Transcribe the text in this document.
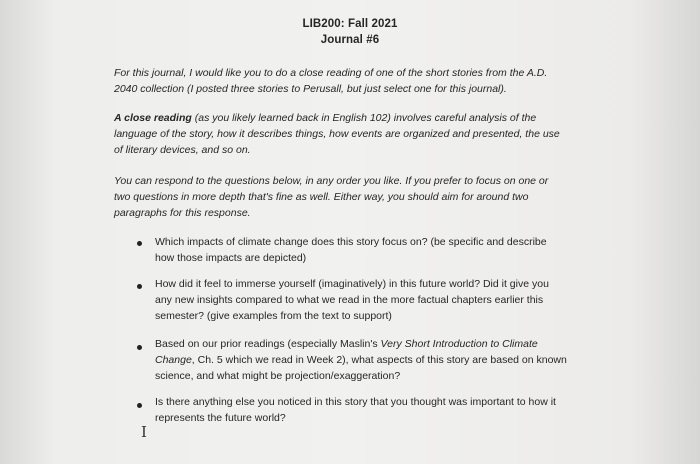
LIB200: Fall 2021
Journal #6
For this journal, I would like you to do a close reading of one of the short stories from the A.D.
2040 collection (I posted three stories to Perusall, but just select one for this journal).
A close reading (as you likely learned back in English 102) involves careful analysis of the
language of the story, how it describes things, how events are organized and presented, the use
of literary devices, and so on.
You can respond to the questions below, in any order you like. If you prefer to focus on one or
two questions in more depth that's fine as well. Either way, you should aim for around two
paragraphs for this response.
Which impacts of climate change does this story focus on? (be specific and describe
how those impacts are depicted)
How did it feel to immerse yourself (imaginatively) in this future world? Did it give you
any new insights compared to what we read in the more factual chapters earlier this
semester? (give examples from the text to support)
Based on our prior readings (especially Maslin's Very Short Introduction to Climate
Change, Ch. 5 which we read in Week 2), what aspects of this story are based on known
science, and what might be projection/exaggeration?
Is there anything else you noticed in this story that you thought was important to how it
represents the future world?
I
